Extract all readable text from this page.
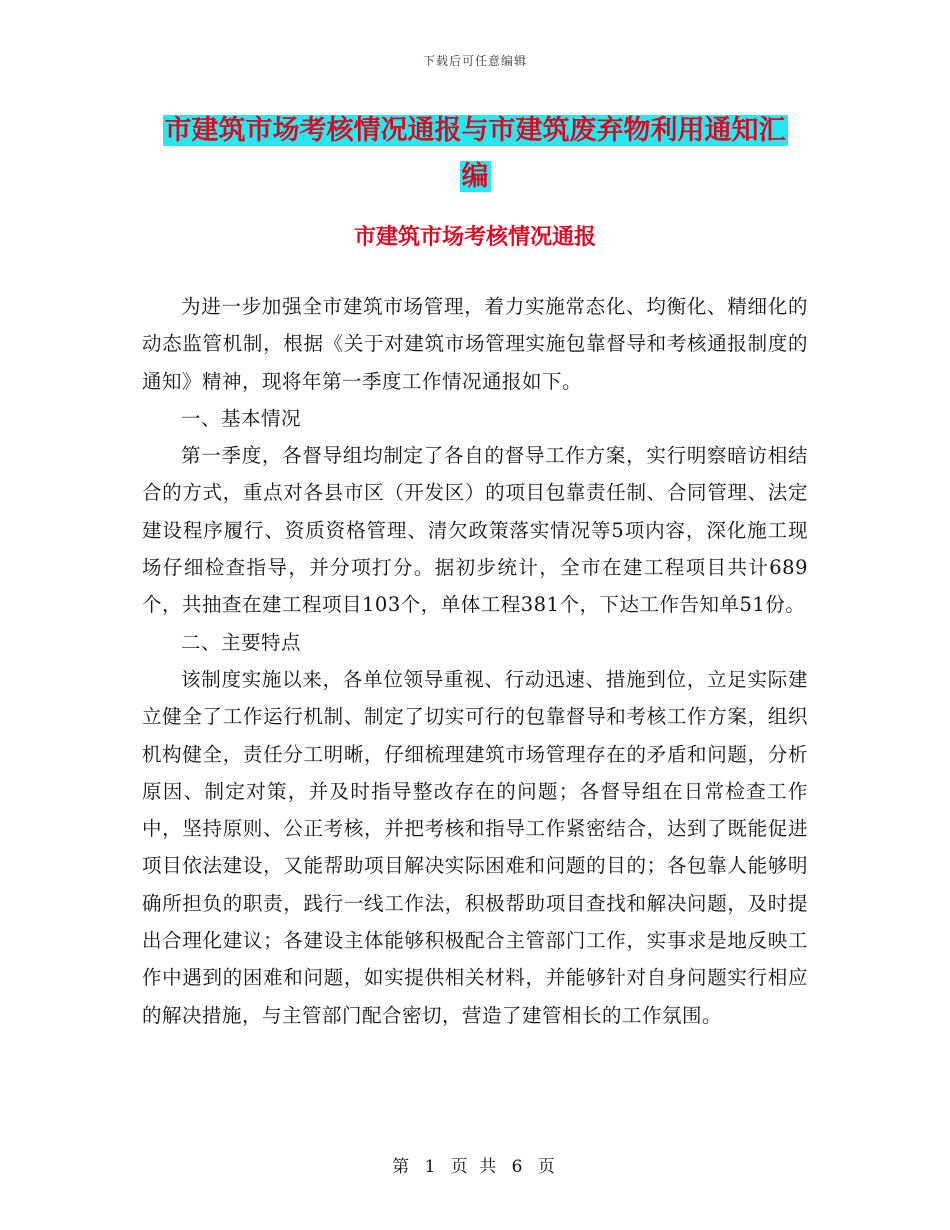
下载后可任意编辑
市建筑市场考核情况通报与市建筑废弃物利用通知汇
编
市建筑市场考核情况通报

为进一步加强全市建筑市场管理，着力实施常态化、均衡化、精细化的动态监管机制，根据《关于对建筑市场管理实施包靠督导和考核通报制度的通知》精神，现将年第一季度工作情况通报如下。

一、基本情况

第一季度，各督导组均制定了各自的督导工作方案，实行明察暗访相结合的方式，重点对各县市区（开发区）的项目包靠责任制、合同管理、法定建设程序履行、资质资格管理、清欠政策落实情况等5项内容，深化施工现场仔细检查指导，并分项打分。据初步统计，全市在建工程项目共计689个，共抽查在建工程项目103个，单体工程381个，下达工作告知单51份。

二、主要特点

该制度实施以来，各单位领导重视、行动迅速、措施到位，立足实际建立健全了工作运行机制、制定了切实可行的包靠督导和考核工作方案，组织机构健全，责任分工明晰，仔细梳理建筑市场管理存在的矛盾和问题，分析原因、制定对策，并及时指导整改存在的问题；各督导组在日常检查工作中，坚持原则、公正考核，并把考核和指导工作紧密结合，达到了既能促进项目依法建设，又能帮助项目解决实际困难和问题的目的；各包靠人能够明确所担负的职责，践行一线工作法，积极帮助项目查找和解决问题，及时提出合理化建议；各建设主体能够积极配合主管部门工作，实事求是地反映工作中遇到的困难和问题，如实提供相关材料，并能够针对自身问题实行相应的解决措施，与主管部门配合密切，营造了建管相长的工作氛围。

第 1 页 共 6 页
